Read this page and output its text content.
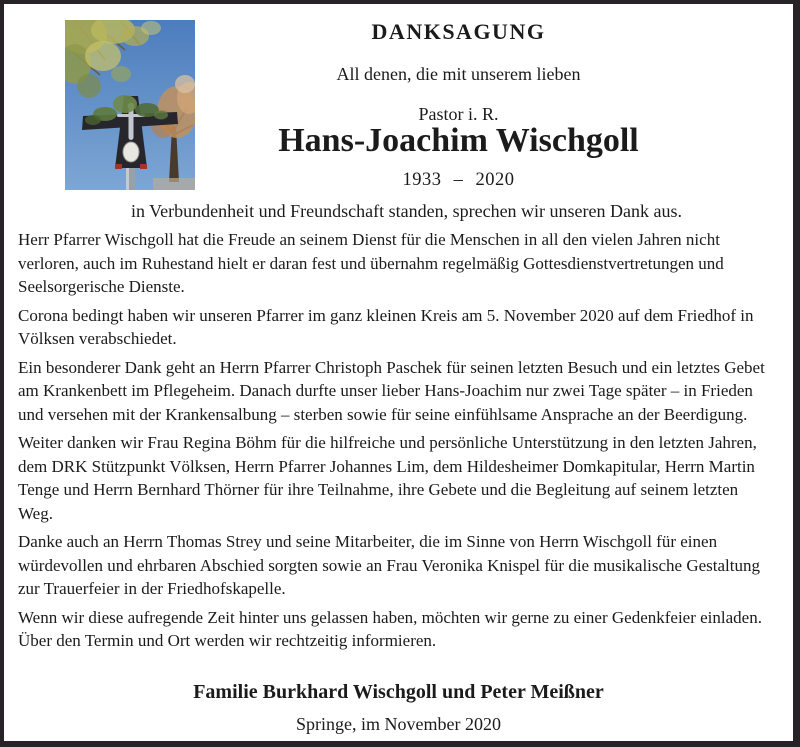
DANKSAGUNG
All denen, die mit unserem lieben
Pastor i. R.
Hans-Joachim Wischgoll
1933 – 2020
in Verbundenheit und Freundschaft standen, sprechen wir unseren Dank aus.

Herr Pfarrer Wischgoll hat die Freude an seinem Dienst für die Menschen in all den vielen Jahren nicht verloren, auch im Ruhestand hielt er daran fest und übernahm regelmäßig Gottesdienstvertretungen und Seelsorgerische Dienste.

Corona bedingt haben wir unseren Pfarrer im ganz kleinen Kreis am 5. November 2020 auf dem Friedhof in Völksen verabschiedet.

Ein besonderer Dank geht an Herrn Pfarrer Christoph Paschek für seinen letzten Besuch und ein letztes Gebet am Krankenbett im Pflegeheim. Danach durfte unser lieber Hans-Joachim nur zwei Tage später – in Frieden und versehen mit der Krankensalbung – sterben sowie für seine einfühlsame Ansprache an der Beerdigung.

Weiter danken wir Frau Regina Böhm für die hilfreiche und persönliche Unterstützung in den letzten Jahren, dem DRK Stützpunkt Völksen, Herrn Pfarrer Johannes Lim, dem Hildesheimer Domkapitular, Herrn Martin Tenge und Herrn Bernhard Thörner für ihre Teilnahme, ihre Gebete und die Begleitung auf seinem letzten Weg.

Danke auch an Herrn Thomas Strey und seine Mitarbeiter, die im Sinne von Herrn Wischgoll für einen würdevollen und ehrbaren Abschied sorgten sowie an Frau Veronika Knispel für die musikalische Gestaltung zur Trauerfeier in der Friedhofskapelle.

Wenn wir diese aufregende Zeit hinter uns gelassen haben, möchten wir gerne zu einer Gedenkfeier einladen. Über den Termin und Ort werden wir rechtzeitig informieren.

Familie Burkhard Wischgoll und Peter Meißner
Springe, im November 2020
